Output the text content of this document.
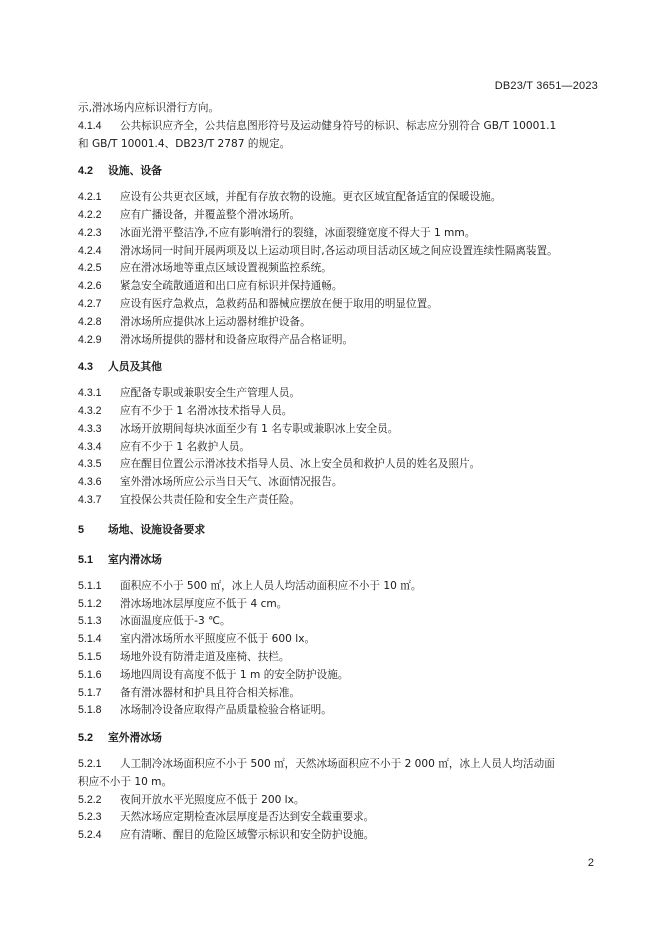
DB23/T 3651—2023
示,滑冰场内应标识滑行方向。
4.1.4 公共标识应齐全，公共信息图形符号及运动健身符号的标识、标志应分别符合 GB/T 10001.1
和 GB/T 10001.4、DB23/T 2787 的规定。
4.2 设施、设备
4.2.1 应设有公共更衣区域，并配有存放衣物的设施。更衣区域宜配备适宜的保暖设施。
4.2.2 应有广播设备，并覆盖整个滑冰场所。
4.2.3 冰面光滑平整洁净,不应有影响滑行的裂缝，冰面裂缝宽度不得大于 1 mm。
4.2.4 滑冰场同一时间开展两项及以上运动项目时,各运动项目活动区域之间应设置连续性隔离装置。
4.2.5 应在滑冰场地等重点区域设置视频监控系统。
4.2.6 紧急安全疏散通道和出口应有标识并保持通畅。
4.2.7 应设有医疗急救点，急救药品和器械应摆放在便于取用的明显位置。
4.2.8 滑冰场所应提供冰上运动器材维护设备。
4.2.9 滑冰场所提供的器材和设备应取得产品合格证明。
4.3 人员及其他
4.3.1 应配备专职或兼职安全生产管理人员。
4.3.2 应有不少于 1 名滑冰技术指导人员。
4.3.3 冰场开放期间每块冰面至少有 1 名专职或兼职冰上安全员。
4.3.4 应有不少于 1 名救护人员。
4.3.5 应在醒目位置公示滑冰技术指导人员、冰上安全员和救护人员的姓名及照片。
4.3.6 室外滑冰场所应公示当日天气、冰面情况报告。
4.3.7 宜投保公共责任险和安全生产责任险。
5 场地、设施设备要求
5.1 室内滑冰场
5.1.1 面积应不小于 500 ㎡，冰上人员人均活动面积应不小于 10 ㎡。
5.1.2 滑冰场地冰层厚度应不低于 4 cm。
5.1.3 冰面温度应低于-3 ℃。
5.1.4 室内滑冰场所水平照度应不低于 600 lx。
5.1.5 场地外设有防滑走道及座椅、扶栏。
5.1.6 场地四周设有高度不低于 1 m 的安全防护设施。
5.1.7 备有滑冰器材和护具且符合相关标准。
5.1.8 冰场制冷设备应取得产品质量检验合格证明。
5.2 室外滑冰场
5.2.1 人工制冷冰场面积应不小于 500 ㎡，天然冰场面积应不小于 2 000 ㎡，冰上人员人均活动面
积应不小于 10 m。
5.2.2 夜间开放水平光照度应不低于 200 lx。
5.2.3 天然冰场应定期检查冰层厚度是否达到安全载重要求。
5.2.4 应有清晰、醒目的危险区域警示标识和安全防护设施。
2
